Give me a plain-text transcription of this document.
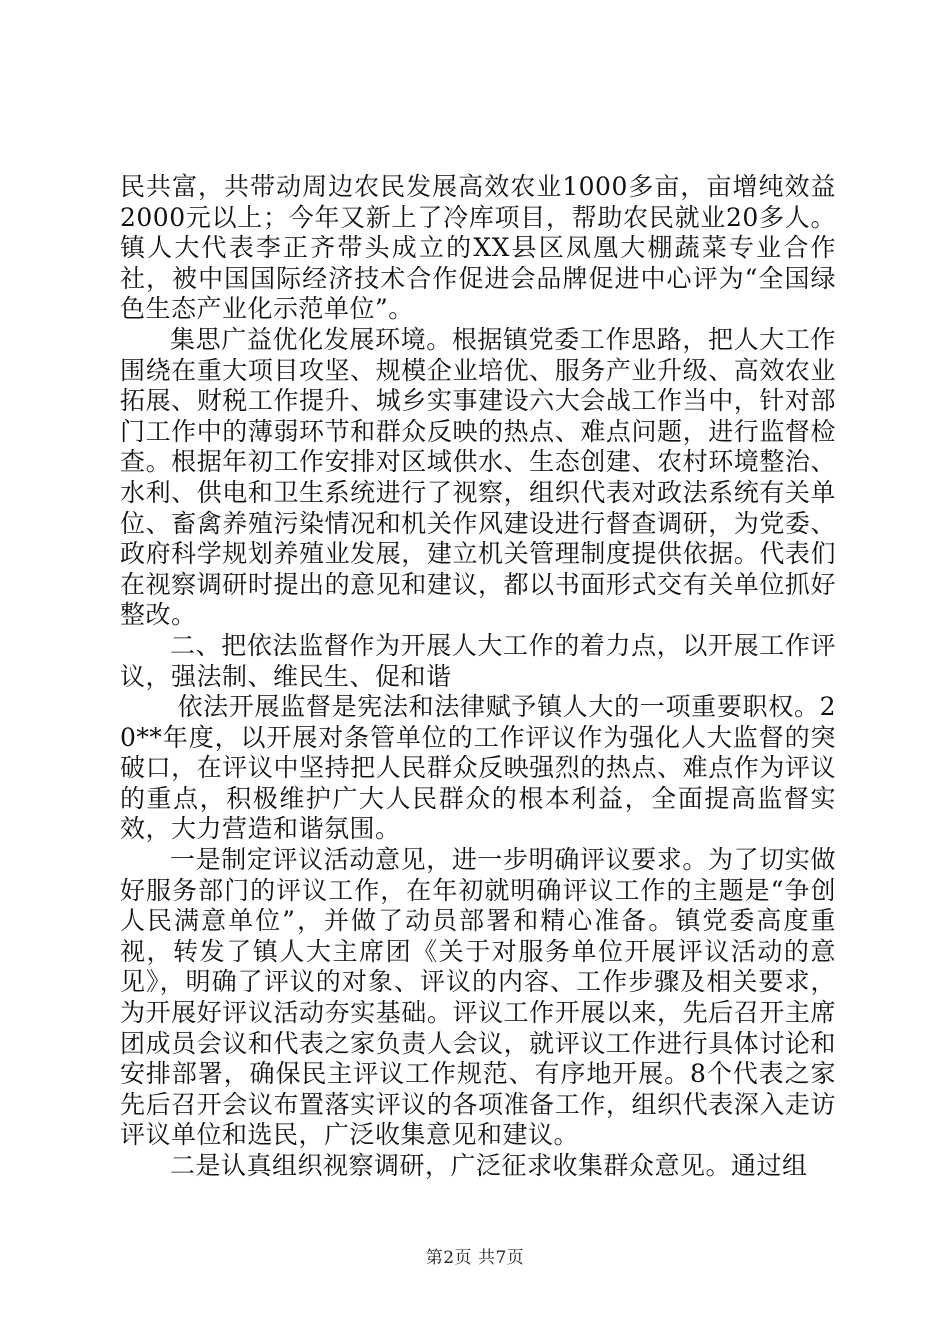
民共富，共带动周边农民发展高效农业1000多亩，亩增纯效益2000元以上；今年又新上了冷库项目，帮助农民就业20多人。镇人大代表李正齐带头成立的XX县区凤凰大棚蔬菜专业合作社，被中国国际经济技术合作促进会品牌促进中心评为“全国绿色生态产业化示范单位”。

集思广益优化发展环境。根据镇党委工作思路，把人大工作围绕在重大项目攻坚、规模企业培优、服务产业升级、高效农业拓展、财税工作提升、城乡实事建设六大会战工作当中，针对部门工作中的薄弱环节和群众反映的热点、难点问题，进行监督检查。根据年初工作安排对区域供水、生态创建、农村环境整治、水利、供电和卫生系统进行了视察，组织代表对政法系统有关单位、畜禽养殖污染情况和机关作风建设进行督查调研，为党委、政府科学规划养殖业发展，建立机关管理制度提供依据。代表们在视察调研时提出的意见和建议，都以书面形式交有关单位抓好整改。

二、把依法监督作为开展人大工作的着力点，以开展工作评议，强法制、维民生、促和谐

依法开展监督是宪法和法律赋予镇人大的一项重要职权。20**年度，以开展对条管单位的工作评议作为强化人大监督的突破口，在评议中坚持把人民群众反映强烈的热点、难点作为评议的重点，积极维护广大人民群众的根本利益，全面提高监督实效，大力营造和谐氛围。

一是制定评议活动意见，进一步明确评议要求。为了切实做好服务部门的评议工作，在年初就明确评议工作的主题是“争创人民满意单位”，并做了动员部署和精心准备。镇党委高度重视，转发了镇人大主席团《关于对服务单位开展评议活动的意见》，明确了评议的对象、评议的内容、工作步骤及相关要求，为开展好评议活动夯实基础。评议工作开展以来，先后召开主席团成员会议和代表之家负责人会议，就评议工作进行具体讨论和安排部署，确保民主评议工作规范、有序地开展。8个代表之家先后召开会议布置落实评议的各项准备工作，组织代表深入走访评议单位和选民，广泛收集意见和建议。

二是认真组织视察调研，广泛征求收集群众意见。通过组

第2页 共7页
